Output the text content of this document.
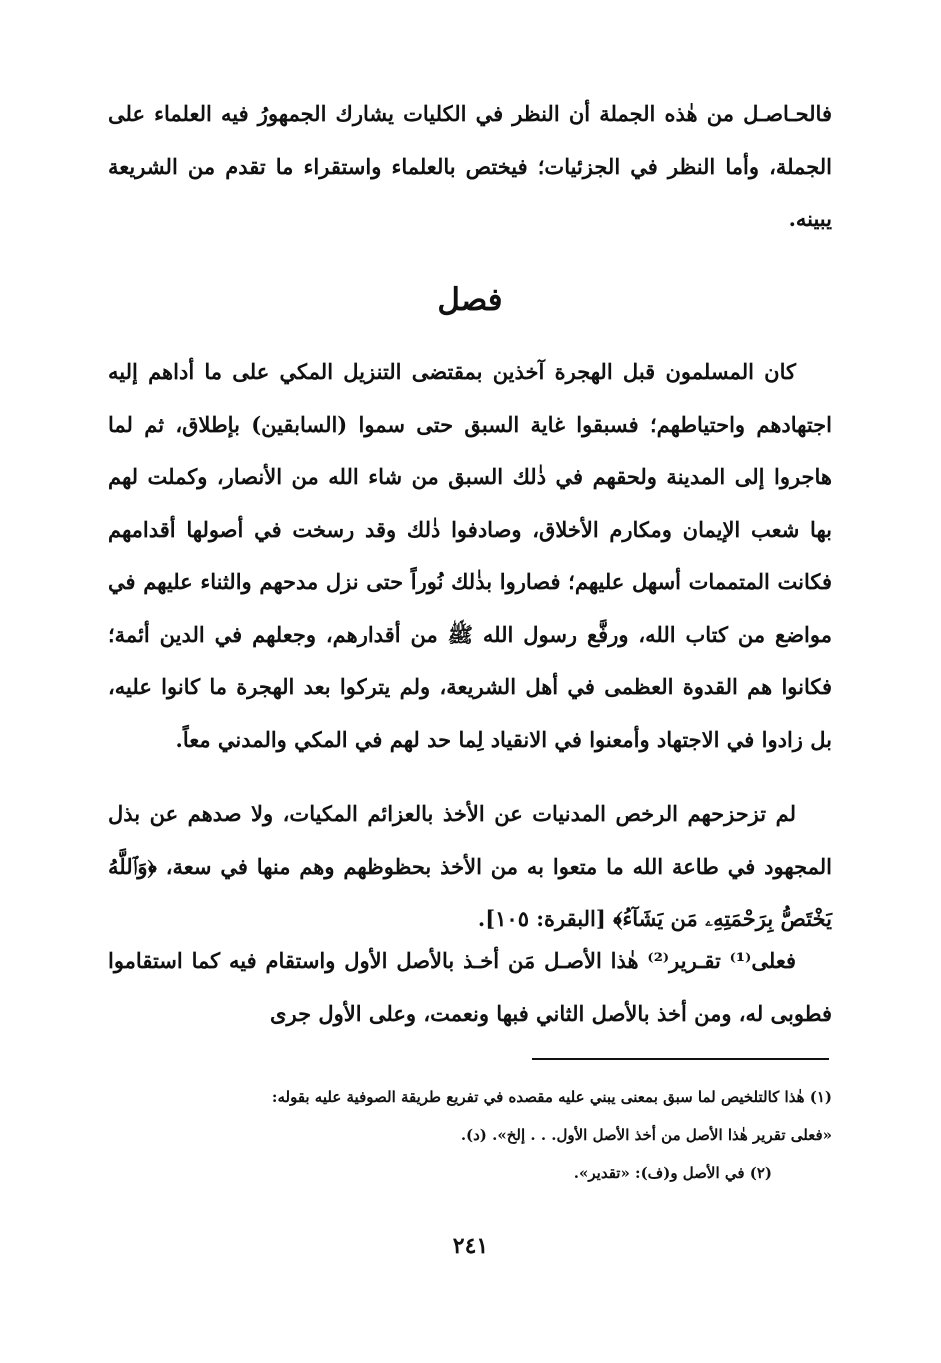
فالحـاصـل من هٰذه الجملة أن النظر في الكليات يشارك الجمهورُ فيه العلماء على الجملة، وأما النظر في الجزئيات؛ فيختص بالعلماء واستقراء ما تقدم من الشريعة يبينه.
فصل
كان المسلمون قبل الهجرة آخذين بمقتضى التنزيل المكي على ما أداهم إليه اجتهادهم واحتياطهم؛ فسبقوا غاية السبق حتى سموا (السابقين) بإطلاق، ثم لما هاجروا إلى المدينة ولحقهم في ذٰلك السبق من شاء الله من الأنصار، وكملت لهم بها شعب الإيمان ومكارم الأخلاق، وصادفوا ذٰلك وقد رسخت في أصولها أقدامهم فكانت المتممات أسهل عليهم؛ فصاروا بذٰلك نُوراً حتى نزل مدحهم والثناء عليهم في مواضع من كتاب الله، ورفَّع رسول الله ﷺ من أقدارهم، وجعلهم في الدين أئمة؛ فكانوا هم القدوة العظمى في أهل الشريعة، ولم يتركوا بعد الهجرة ما كانوا عليه، بل زادوا في الاجتهاد وأمعنوا في الانقياد لِما حد لهم في المكي والمدني معاً.
لم تزحزحهم الرخص المدنيات عن الأخذ بالعزائم المكيات، ولا صدهم عن بذل المجهود في طاعة الله ما متعوا به من الأخذ بحظوظهم وهم منها في سعة، ﴿وَٱللَّهُ يَخْتَصُّ بِرَحْمَتِهِۦ مَن يَشَآءُ﴾ [البقرة: ١٠٥].
فعلى⁽¹⁾ تقـرير⁽²⁾ هٰذا الأصـل مَن أخـذ بالأصل الأول واستقام فيه كما استقاموا فطوبى له، ومن أخذ بالأصل الثاني فبها ونعمت، وعلى الأول جرى
(١) هٰذا كالتلخيص لما سبق بمعنى يبني عليه مقصده في تفريع طريقة الصوفية عليه بقوله:
«فعلى تقرير هٰذا الأصل من أخذ الأصل الأول. . . إلخ». (د).
(٢) في الأصل و(ف): «تقدير».
٢٤١
